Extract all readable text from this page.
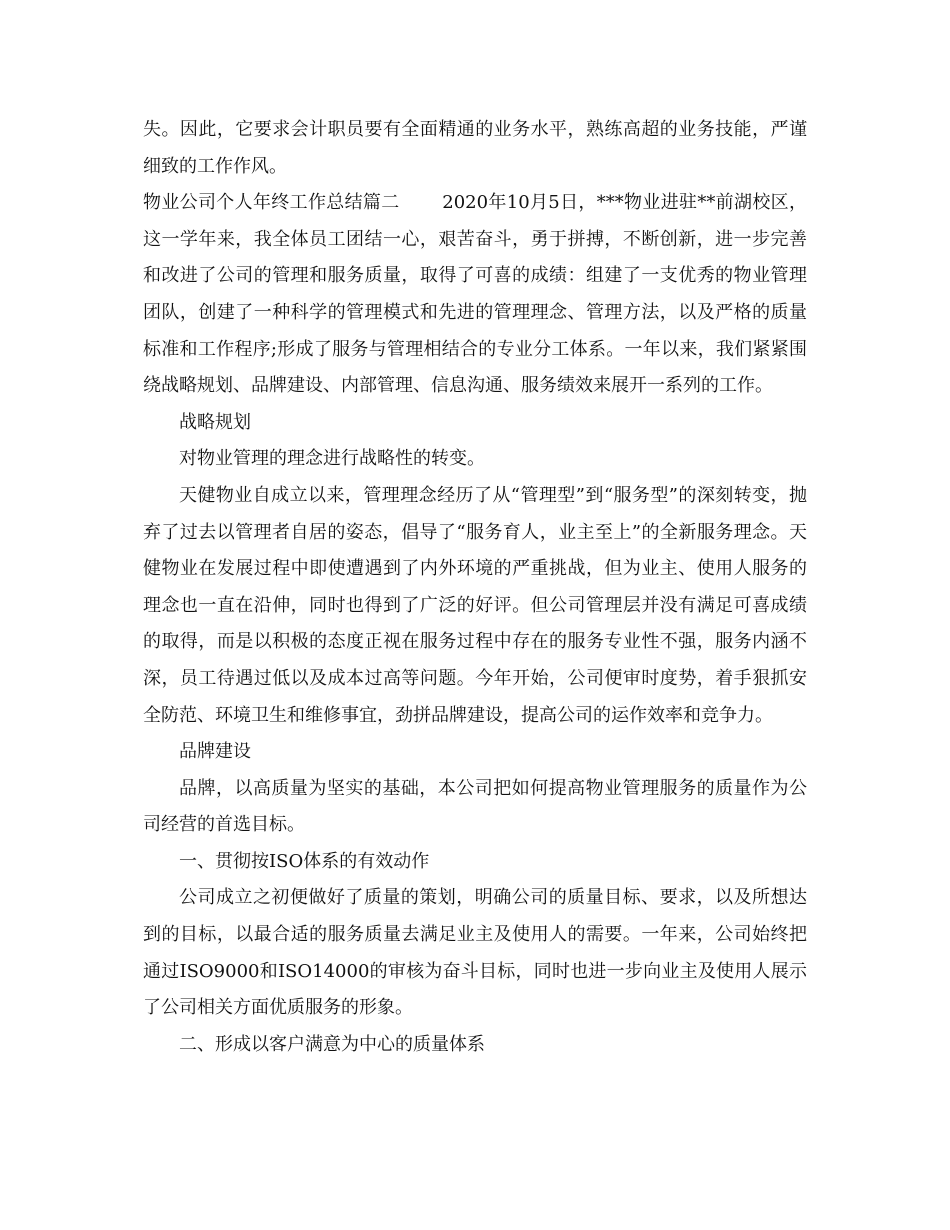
失。因此，它要求会计职员要有全面精通的业务水平，熟练高超的业务技能，严谨细致的工作作风。

物业公司个人年终工作总结篇二　　 2020年10月5日，***物业进驻**前湖校区，这一学年来，我全体员工团结一心，艰苦奋斗，勇于拼搏，不断创新，进一步完善和改进了公司的管理和服务质量，取得了可喜的成绩：组建了一支优秀的物业管理团队，创建了一种科学的管理模式和先进的管理理念、管理方法，以及严格的质量标准和工作程序;形成了服务与管理相结合的专业分工体系。一年以来，我们紧紧围绕战略规划、品牌建设、内部管理、信息沟通、服务绩效来展开一系列的工作。

战略规划

对物业管理的理念进行战略性的转变。

天健物业自成立以来，管理理念经历了从“管理型”到“服务型”的深刻转变，抛弃了过去以管理者自居的姿态，倡导了“服务育人，业主至上”的全新服务理念。天健物业在发展过程中即使遭遇到了内外环境的严重挑战，但为业主、使用人服务的理念也一直在沿伸，同时也得到了广泛的好评。但公司管理层并没有满足可喜成绩的取得，而是以积极的态度正视在服务过程中存在的服务专业性不强，服务内涵不深，员工待遇过低以及成本过高等问题。今年开始，公司便审时度势，着手狠抓安全防范、环境卫生和维修事宜，劲拼品牌建设，提高公司的运作效率和竞争力。

品牌建设

品牌，以高质量为坚实的基础，本公司把如何提高物业管理服务的质量作为公司经营的首选目标。

一、贯彻按ISO体系的有效动作

公司成立之初便做好了质量的策划，明确公司的质量目标、要求，以及所想达到的目标，以最合适的服务质量去满足业主及使用人的需要。一年来，公司始终把通过ISO9000和ISO14000的审核为奋斗目标，同时也进一步向业主及使用人展示了公司相关方面优质服务的形象。

二、形成以客户满意为中心的质量体系
